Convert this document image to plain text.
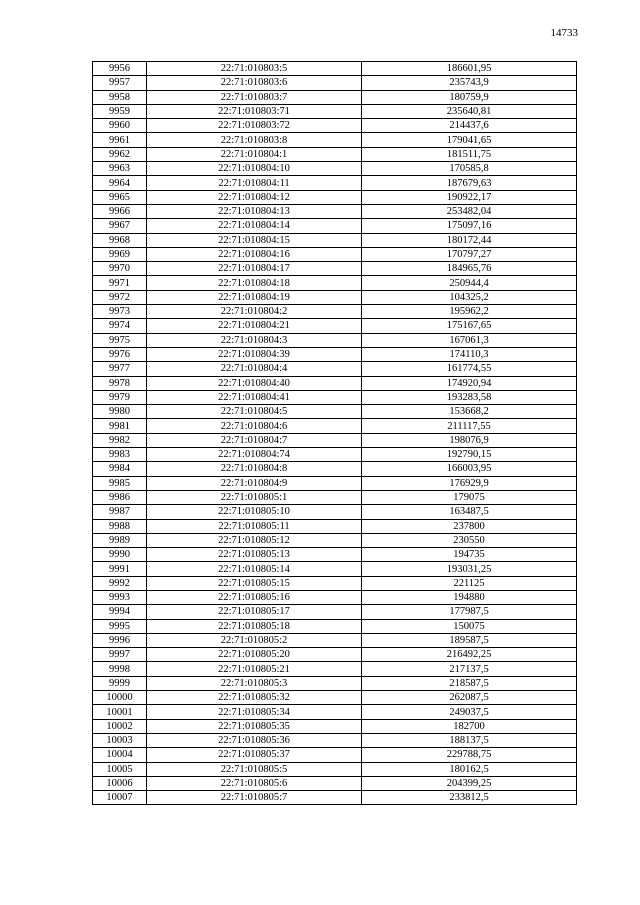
14733
9956	22:71:010803:5	186601,95
9957	22:71:010803:6	235743,9
9958	22:71:010803:7	180759,9
9959	22:71:010803:71	235640,81
9960	22:71:010803:72	214437,6
9961	22:71:010803:8	179041,65
9962	22:71:010804:1	181511,75
9963	22:71:010804:10	170585,8
9964	22:71:010804:11	187679,63
9965	22:71:010804:12	190922,17
9966	22:71:010804:13	253482,04
9967	22:71:010804:14	175097,16
9968	22:71:010804:15	180172,44
9969	22:71:010804:16	170797,27
9970	22:71:010804:17	184965,76
9971	22:71:010804:18	250944,4
9972	22:71:010804:19	104325,2
9973	22:71:010804:2	195962,2
9974	22:71:010804:21	175167,65
9975	22:71:010804:3	167061,3
9976	22:71:010804:39	174110,3
9977	22:71:010804:4	161774,55
9978	22:71:010804:40	174920,94
9979	22:71:010804:41	193283,58
9980	22:71:010804:5	153668,2
9981	22:71:010804:6	211117,55
9982	22:71:010804:7	198076,9
9983	22:71:010804:74	192790,15
9984	22:71:010804:8	166003,95
9985	22:71:010804:9	176929,9
9986	22:71:010805:1	179075
9987	22:71:010805:10	163487,5
9988	22:71:010805:11	237800
9989	22:71:010805:12	230550
9990	22:71:010805:13	194735
9991	22:71:010805:14	193031,25
9992	22:71:010805:15	221125
9993	22:71:010805:16	194880
9994	22:71:010805:17	177987,5
9995	22:71:010805:18	150075
9996	22:71:010805:2	189587,5
9997	22:71:010805:20	216492,25
9998	22:71:010805:21	217137,5
9999	22:71:010805:3	218587,5
10000	22:71:010805:32	262087,5
10001	22:71:010805:34	249037,5
10002	22:71:010805:35	182700
10003	22:71:010805:36	188137,5
10004	22:71:010805:37	229788,75
10005	22:71:010805:5	180162,5
10006	22:71:010805:6	204399,25
10007	22:71:010805:7	233812,5
